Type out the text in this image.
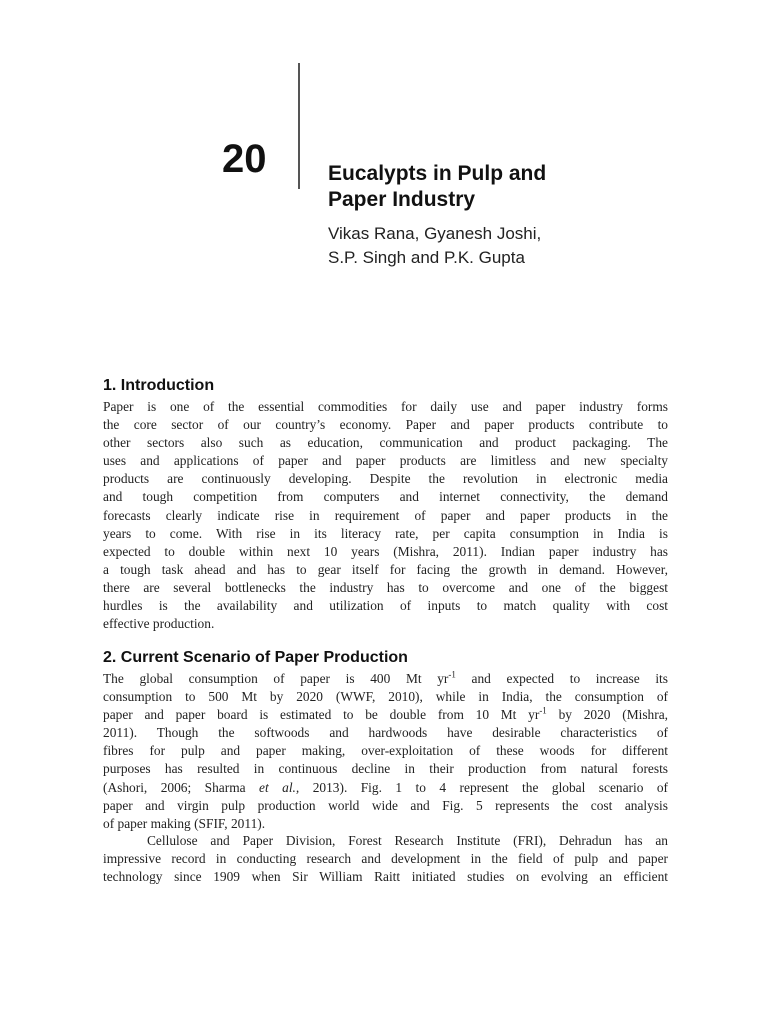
20	Eucalypts in Pulp and
Paper Industry
Vikas Rana, Gyanesh Joshi,
S.P. Singh and P.K. Gupta
1. Introduction
Paper is one of the essential commodities for daily use and paper industry forms
the core sector of our country’s economy. Paper and paper products contribute to
other sectors also such as education, communication and product packaging. The
uses and applications of paper and paper products are limitless and new specialty
products are continuously developing. Despite the revolution in electronic media
and tough competition from computers and internet connectivity, the demand
forecasts clearly indicate rise in requirement of paper and paper products in the
years to come. With rise in its literacy rate, per capita consumption in India is
expected to double within next 10 years (Mishra, 2011). Indian paper industry has
a tough task ahead and has to gear itself for facing the growth in demand. However,
there are several bottlenecks the industry has to overcome and one of the biggest
hurdles is the availability and utilization of inputs to match quality with cost
effective production.
2. Current Scenario of Paper Production
The global consumption of paper is 400 Mt $yr^{-1}$ and expected to increase its
consumption to 500 Mt by 2020 (WWF, 2010), while in India, the consumption of
paper and paper board is estimated to be double from 10 Mt $yr^{-1}$ by 2020 (Mishra,
2011). Though the softwoods and hardwoods have desirable characteristics of
fibres for pulp and paper making, over-exploitation of these woods for different
purposes has resulted in continuous decline in their production from natural forests
(Ashori, 2006; Sharma et al., 2013). Fig. 1 to 4 represent the global scenario of
paper and virgin pulp production world wide and Fig. 5 represents the cost analysis
of paper making (SFIF, 2011).
Cellulose and Paper Division, Forest Research Institute (FRI), Dehradun has an
impressive record in conducting research and development in the field of pulp and paper
technology since 1909 when Sir William Raitt initiated studies on evolving an efficient
